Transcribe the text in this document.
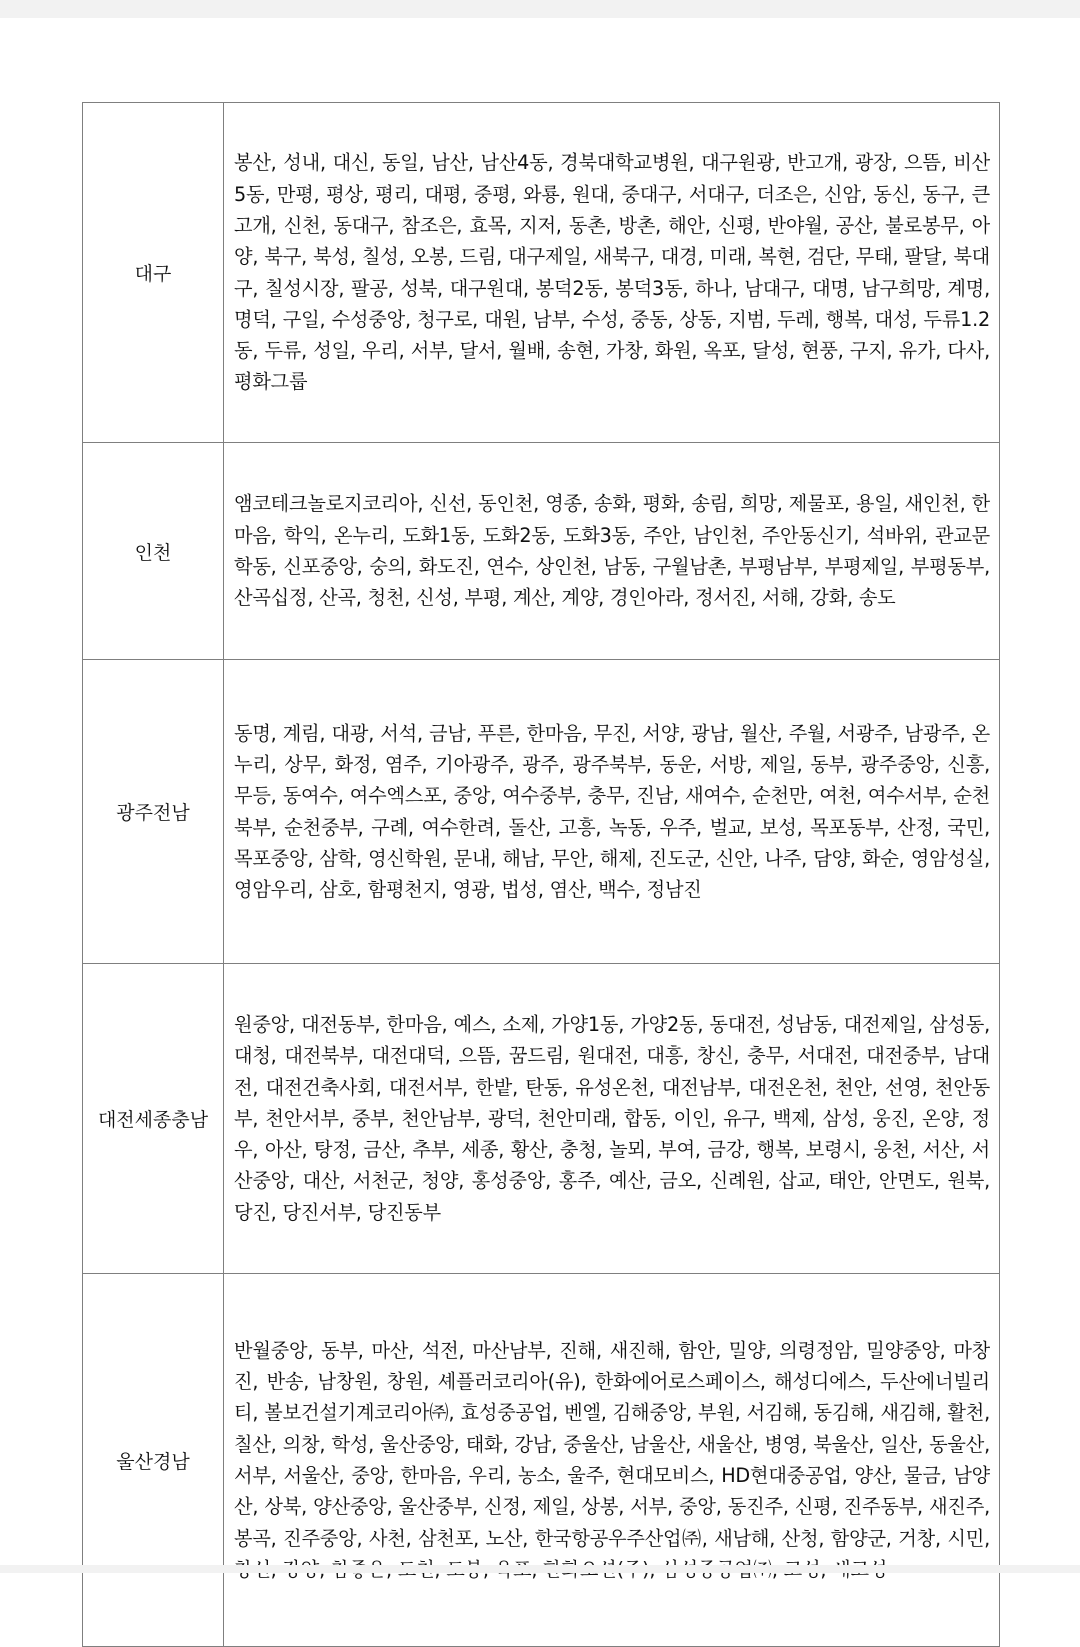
대구	봉산, 성내, 대신, 동일, 남산, 남산4동, 경북대학교병원, 대구원광, 반고개, 광장, 으뜸, 비산5동, 만평, 평상, 평리, 대평, 중평, 와룡, 원대, 중대구, 서대구, 더조은, 신암, 동신, 동구, 큰고개, 신천, 동대구, 참조은, 효목, 지저, 동촌, 방촌, 해안, 신평, 반야월, 공산, 불로봉무, 아양, 북구, 북성, 칠성, 오봉, 드림, 대구제일, 새북구, 대경, 미래, 복현, 검단, 무태, 팔달, 북대구, 칠성시장, 팔공, 성북, 대구원대, 봉덕2동, 봉덕3동, 하나, 남대구, 대명, 남구희망, 계명, 명덕, 구일, 수성중앙, 청구로, 대원, 남부, 수성, 중동, 상동, 지범, 두레, 행복, 대성, 두류1.2동, 두류, 성일, 우리, 서부, 달서, 월배, 송현, 가창, 화원, 옥포, 달성, 현풍, 구지, 유가, 다사, 평화그룹
인천	앰코테크놀로지코리아, 신선, 동인천, 영종, 송화, 평화, 송림, 희망, 제물포, 용일, 새인천, 한마음, 학익, 온누리, 도화1동, 도화2동, 도화3동, 주안, 남인천, 주안동신기, 석바위, 관교문학동, 신포중앙, 숭의, 화도진, 연수, 상인천, 남동, 구월남촌, 부평남부, 부평제일, 부평동부, 산곡십정, 산곡, 청천, 신성, 부평, 계산, 계양, 경인아라, 정서진, 서해, 강화, 송도
광주전남	동명, 계림, 대광, 서석, 금남, 푸른, 한마음, 무진, 서양, 광남, 월산, 주월, 서광주, 남광주, 온누리, 상무, 화정, 염주, 기아광주, 광주, 광주북부, 동운, 서방, 제일, 동부, 광주중앙, 신흥, 무등, 동여수, 여수엑스포, 중앙, 여수중부, 충무, 진남, 새여수, 순천만, 여천, 여수서부, 순천북부, 순천중부, 구례, 여수한려, 돌산, 고흥, 녹동, 우주, 벌교, 보성, 목포동부, 산정, 국민, 목포중앙, 삼학, 영신학원, 문내, 해남, 무안, 해제, 진도군, 신안, 나주, 담양, 화순, 영암성실, 영암우리, 삼호, 함평천지, 영광, 법성, 염산, 백수, 정남진
대전세종충남	원중앙, 대전동부, 한마음, 예스, 소제, 가양1동, 가양2동, 동대전, 성남동, 대전제일, 삼성동, 대청, 대전북부, 대전대덕, 으뜸, 꿈드림, 원대전, 대흥, 창신, 충무, 서대전, 대전중부, 남대전, 대전건축사회, 대전서부, 한밭, 탄동, 유성온천, 대전남부, 대전온천, 천안, 선영, 천안동부, 천안서부, 중부, 천안남부, 광덕, 천안미래, 합동, 이인, 유구, 백제, 삼성, 웅진, 온양, 정우, 아산, 탕정, 금산, 추부, 세종, 황산, 충청, 놀뫼, 부여, 금강, 행복, 보령시, 웅천, 서산, 서산중앙, 대산, 서천군, 청양, 홍성중앙, 홍주, 예산, 금오, 신례원, 삽교, 태안, 안면도, 원북, 당진, 당진서부, 당진동부
울산경남	반월중앙, 동부, 마산, 석전, 마산남부, 진해, 새진해, 함안, 밀양, 의령정암, 밀양중앙, 마창진, 반송, 남창원, 창원, 셰플러코리아(유), 한화에어로스페이스, 해성디에스, 두산에너빌리티, 볼보건설기계코리아㈜, 효성중공업, 벤엘, 김해중앙, 부원, 서김해, 동김해, 새김해, 활천, 칠산, 의창, 학성, 울산중앙, 태화, 강남, 중울산, 남울산, 새울산, 병영, 북울산, 일산, 동울산, 서부, 서울산, 중앙, 한마음, 우리, 농소, 울주, 현대모비스, HD현대중공업, 양산, 물금, 남양산, 상북, 양산중앙, 울산중부, 신정, 제일, 상봉, 서부, 중앙, 동진주, 신평, 진주동부, 새진주, 봉곡, 진주중앙, 사천, 삼천포, 노산, 한국항공우주산업㈜, 새남해, 산청, 함양군, 거창, 시민,
